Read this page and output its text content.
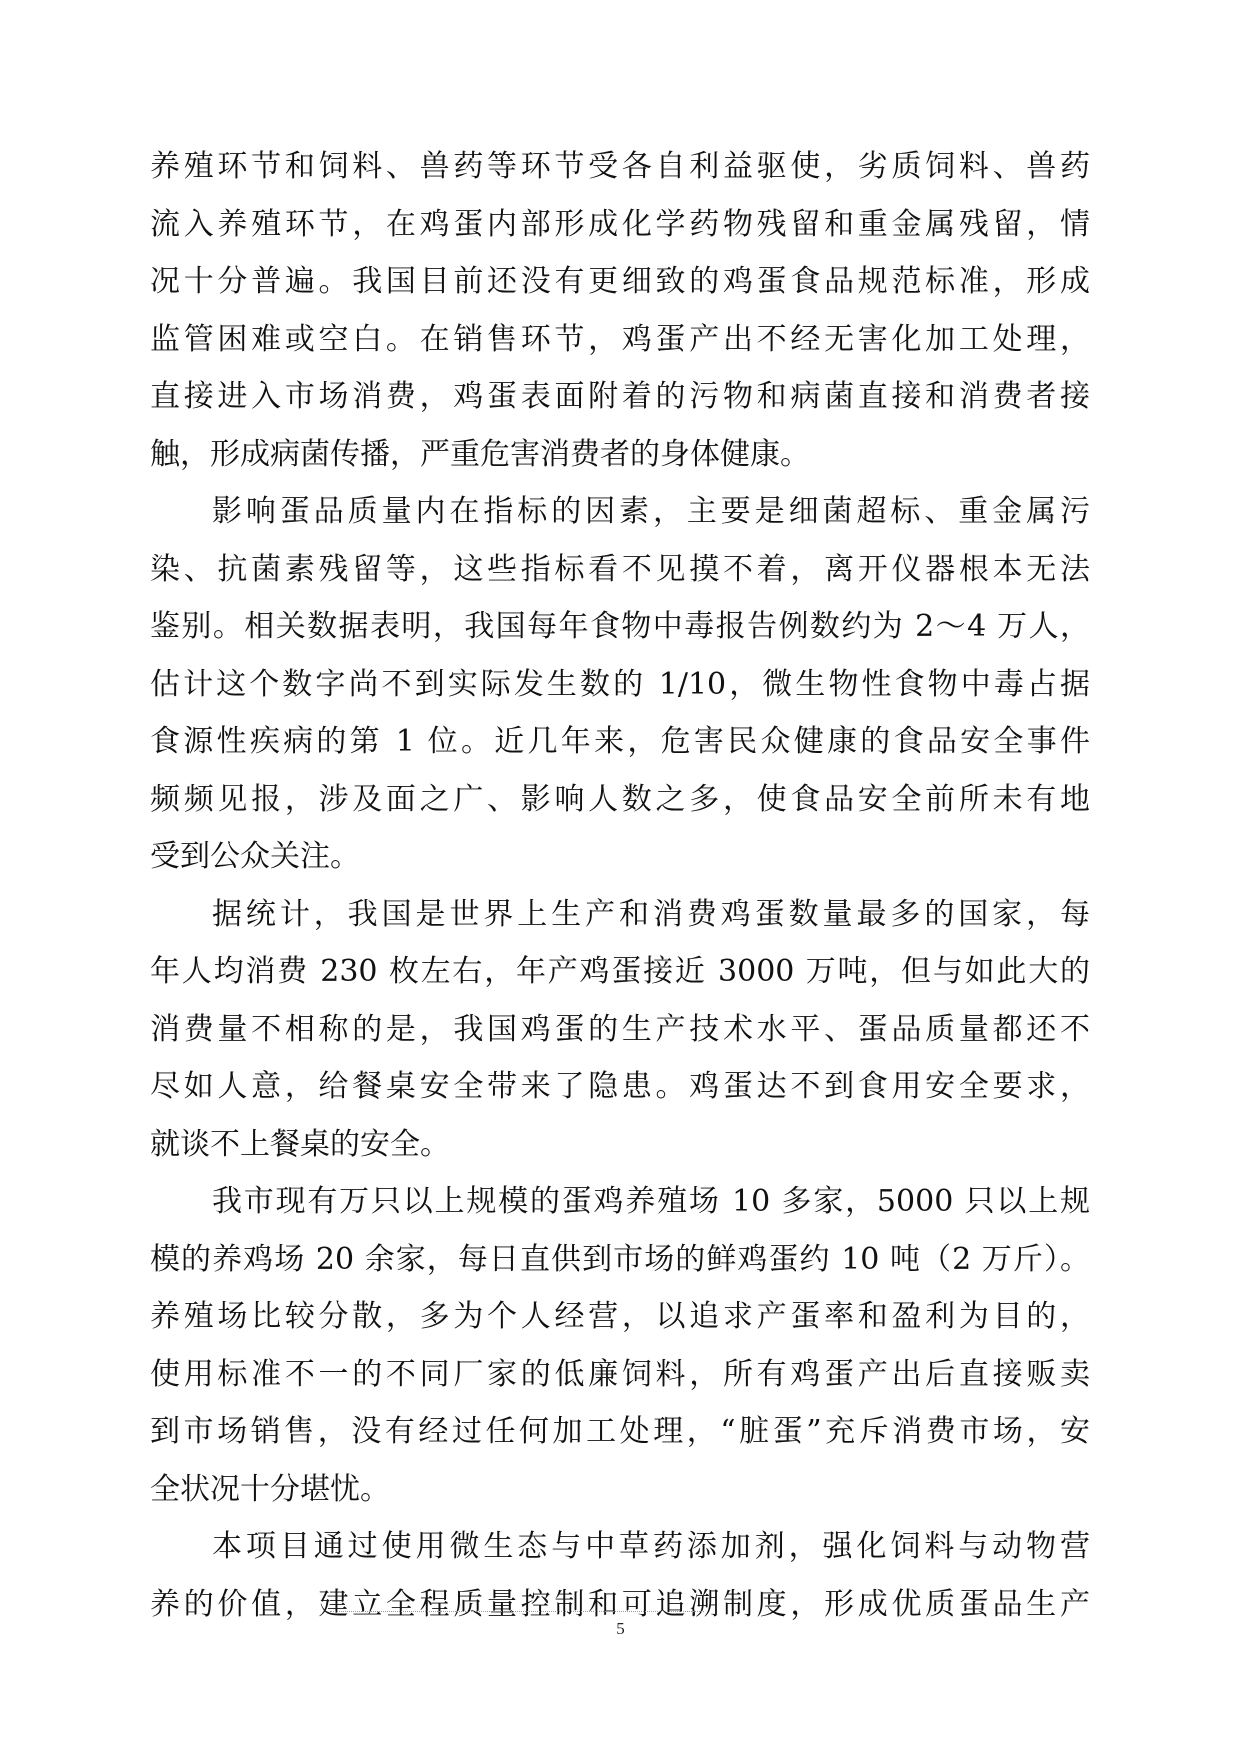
养殖环节和饲料、兽药等环节受各自利益驱使，劣质饲料、兽药
流入养殖环节，在鸡蛋内部形成化学药物残留和重金属残留，情
况十分普遍。我国目前还没有更细致的鸡蛋食品规范标准，形成
监管困难或空白。在销售环节，鸡蛋产出不经无害化加工处理，
直接进入市场消费，鸡蛋表面附着的污物和病菌直接和消费者接
触，形成病菌传播，严重危害消费者的身体健康。
影响蛋品质量内在指标的因素，主要是细菌超标、重金属污
染、抗菌素残留等，这些指标看不见摸不着，离开仪器根本无法
鉴别。相关数据表明，我国每年食物中毒报告例数约为 2～4 万人，
估计这个数字尚不到实际发生数的 1/10，微生物性食物中毒占据
食源性疾病的第 1 位。近几年来，危害民众健康的食品安全事件
频频见报，涉及面之广、影响人数之多，使食品安全前所未有地
受到公众关注。
据统计，我国是世界上生产和消费鸡蛋数量最多的国家，每
年人均消费 230 枚左右，年产鸡蛋接近 3000 万吨，但与如此大的
消费量不相称的是，我国鸡蛋的生产技术水平、蛋品质量都还不
尽如人意，给餐桌安全带来了隐患。鸡蛋达不到食用安全要求，
就谈不上餐桌的安全。
我市现有万只以上规模的蛋鸡养殖场 10 多家，5000 只以上规
模的养鸡场 20 余家，每日直供到市场的鲜鸡蛋约 10 吨（2 万斤）。
养殖场比较分散，多为个人经营，以追求产蛋率和盈利为目的，
使用标准不一的不同厂家的低廉饲料，所有鸡蛋产出后直接贩卖
到市场销售，没有经过任何加工处理，“脏蛋”充斥消费市场，安
全状况十分堪忧。
本项目通过使用微生态与中草药添加剂，强化饲料与动物营
养的价值，建立全程质量控制和可追溯制度，形成优质蛋品生产
5
